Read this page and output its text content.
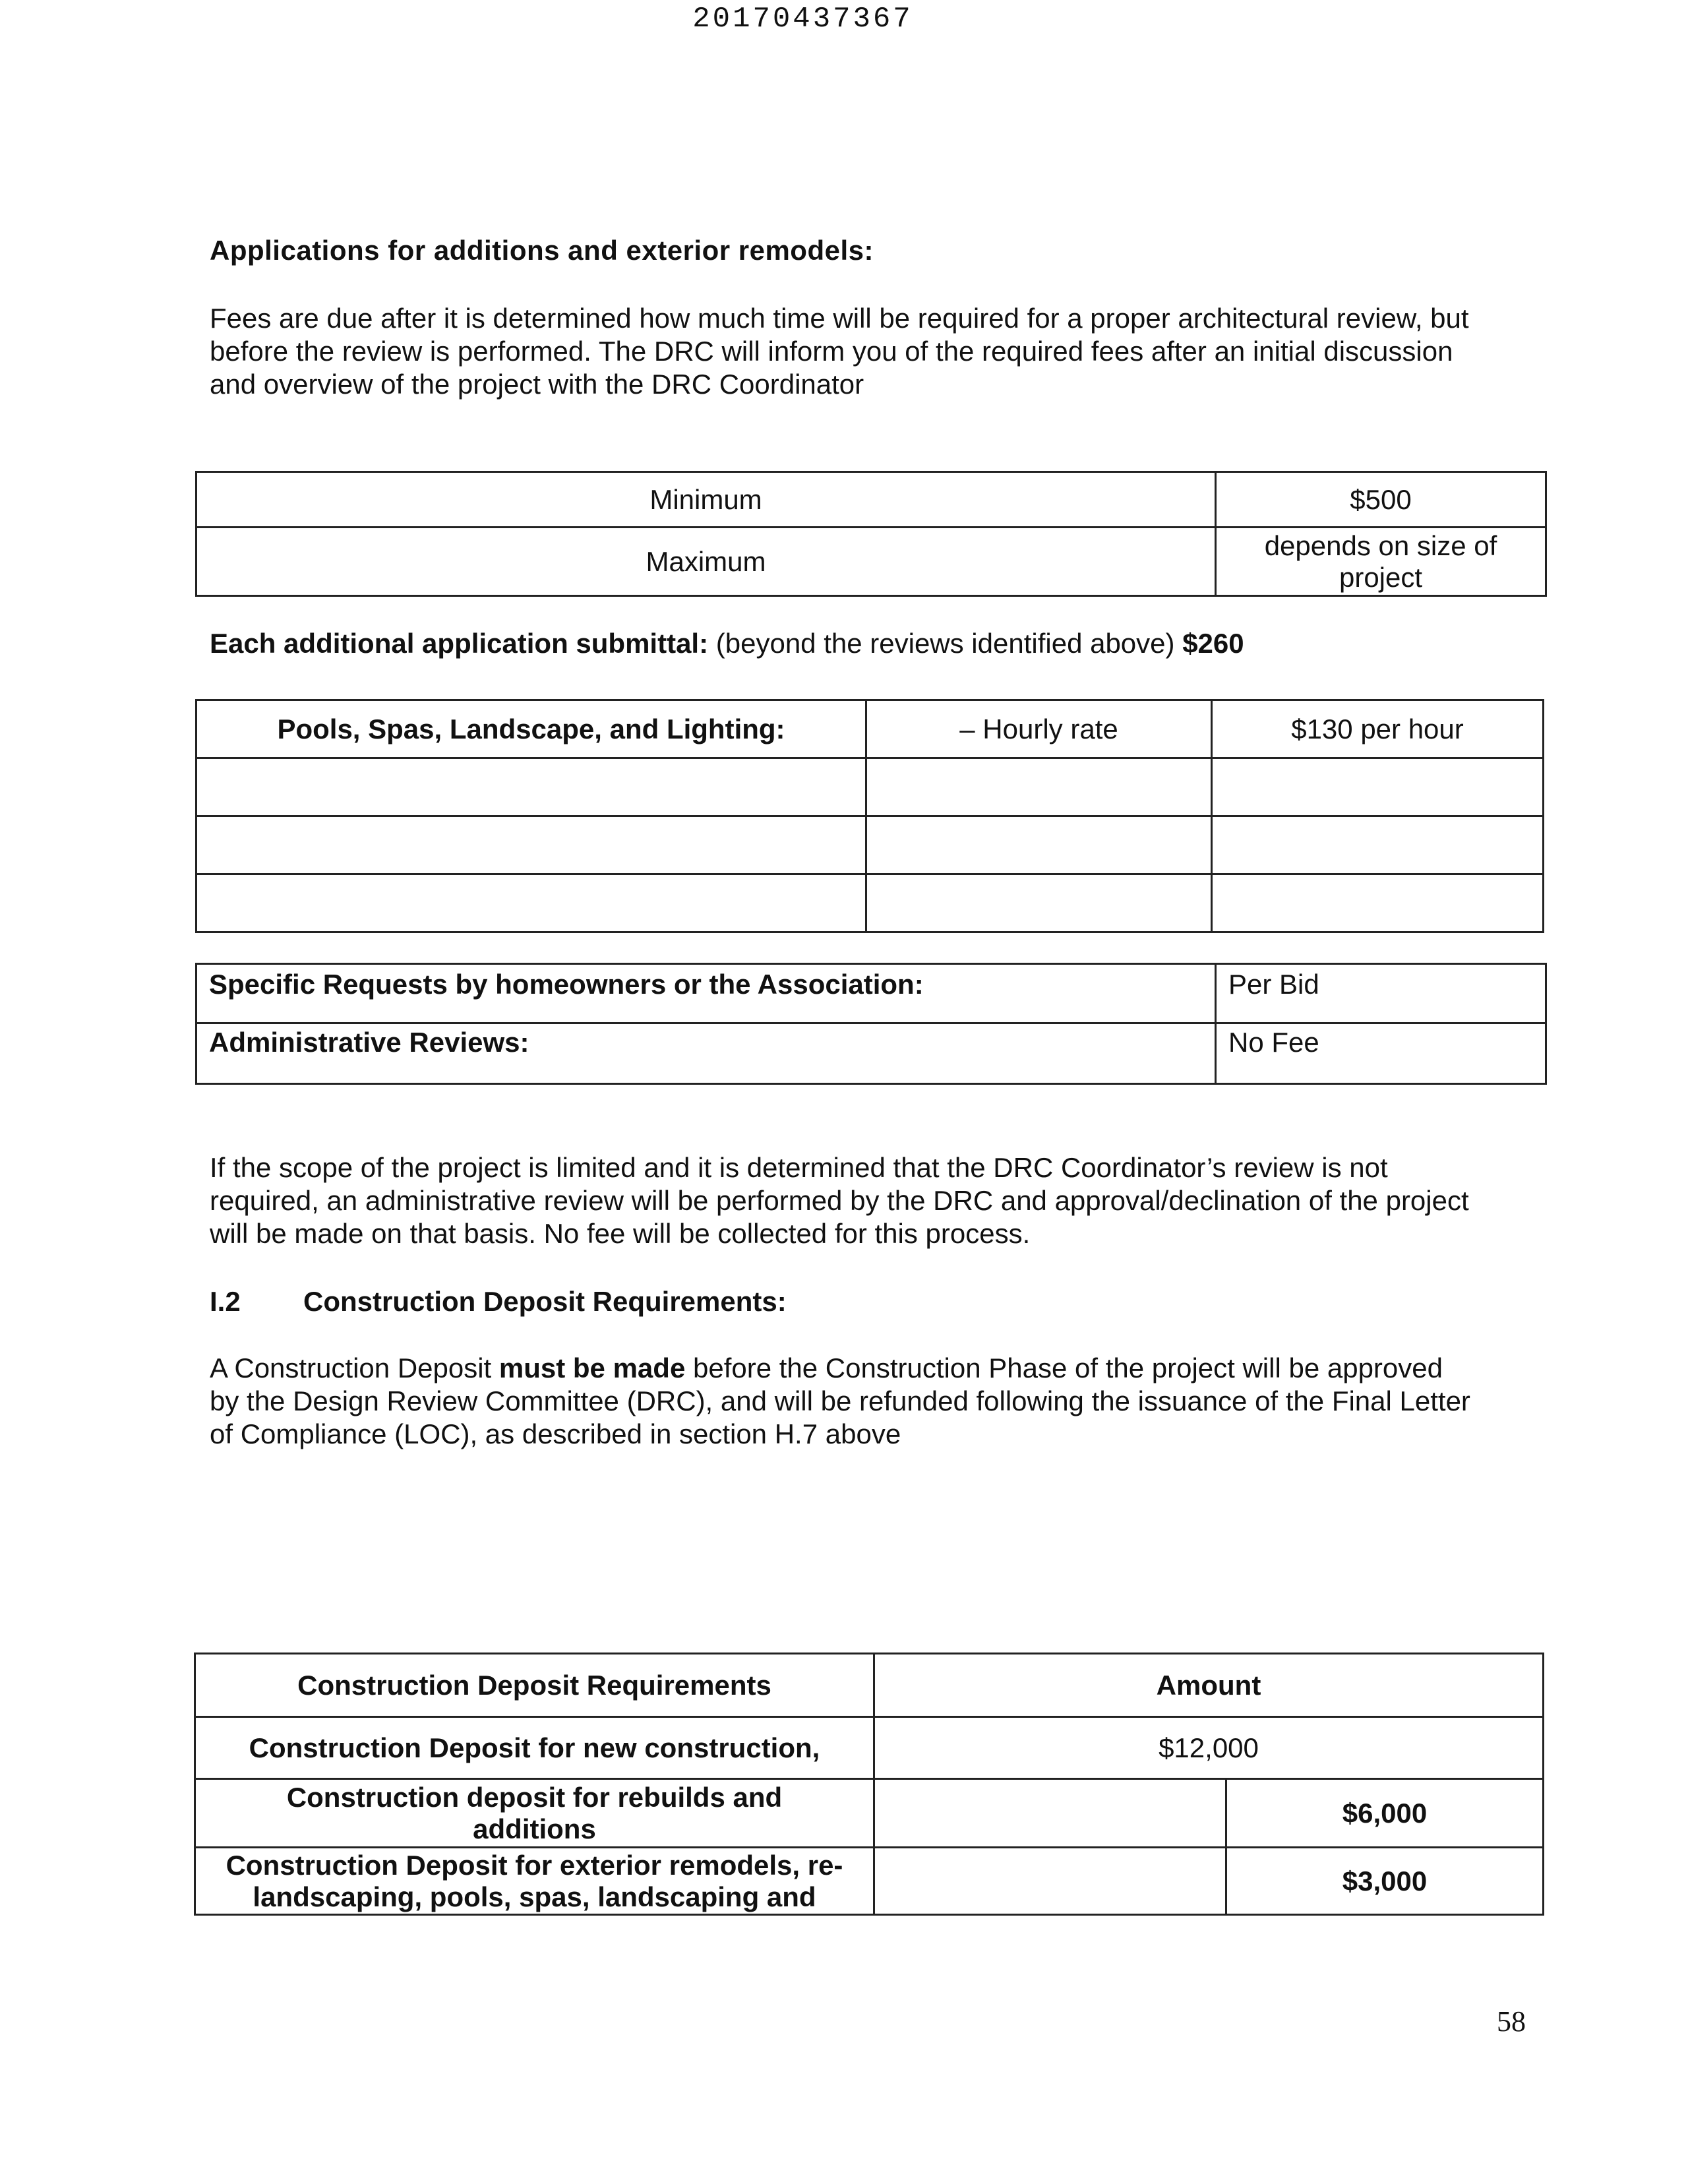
20170437367
Applications for additions and exterior remodels:
Fees are due after it is determined how much time will be required for a proper architectural review, but
before the review is performed. The DRC will inform you of the required fees after an initial discussion
and overview of the project with the DRC Coordinator
Minimum	$500
Maximum	depends on size of project
Each additional application submittal: (beyond the reviews identified above) $260
Pools, Spas, Landscape, and Lighting:	– Hourly rate	$130 per hour

Specific Requests by homeowners or the Association:	Per Bid
Administrative Reviews:	No Fee
If the scope of the project is limited and it is determined that the DRC Coordinator’s review is not
required, an administrative review will be performed by the DRC and approval/declination of the project
will be made on that basis. No fee will be collected for this process.
I.2 Construction Deposit Requirements:
A Construction Deposit must be made before the Construction Phase of the project will be approved
by the Design Review Committee (DRC), and will be refunded following the issuance of the Final Letter
of Compliance (LOC), as described in section H.7 above
Construction Deposit Requirements	Amount	
Construction Deposit for new construction,	$12,000	
Construction deposit for rebuilds and additions		$6,000
Construction Deposit for exterior remodels, re-landscaping, pools, spas, landscaping and		$3,000
58
